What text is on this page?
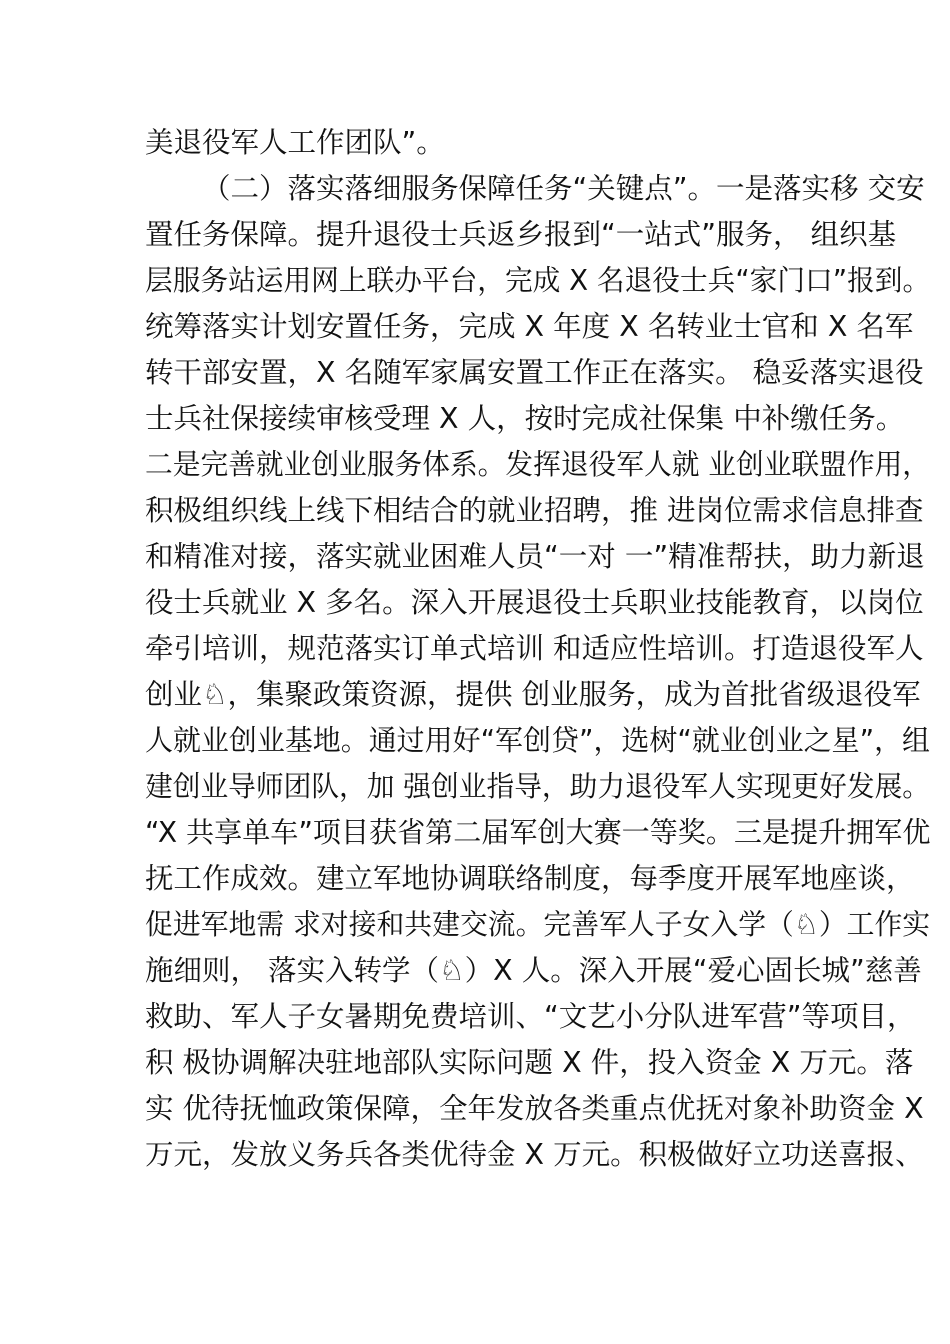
美退役军人工作团队”。
（二）落实落细服务保障任务“关键点”。一是落实移 交安
置任务保障。提升退役士兵返乡报到“一站式”服务， 组织基
层服务站运用网上联办平台，完成 X 名退役士兵“家门口”报到。
统筹落实计划安置任务，完成 X 年度 X 名转业士官和 X 名军
转干部安置，X 名随军家属安置工作正在落实。 稳妥落实退役
士兵社保接续审核受理 X 人，按时完成社保集 中补缴任务。
二是完善就业创业服务体系。发挥退役军人就 业创业联盟作用，
积极组织线上线下相结合的就业招聘，推 进岗位需求信息排查
和精准对接，落实就业困难人员“一对 一”精准帮扶，助力新退
役士兵就业 X 多名。深入开展退役士兵职业技能教育，以岗位
牵引培训，规范落实订单式培训 和适应性培训。打造退役军人
创业♘，集聚政策资源，提供 创业服务，成为首批省级退役军
人就业创业基地。通过用好“军创贷”，选树“就业创业之星”，组
建创业导师团队，加 强创业指导，助力退役军人实现更好发展。
“X 共享单车”项目获省第二届军创大赛一等奖。三是提升拥军优
抚工作成效。建立军地协调联络制度，每季度开展军地座谈，
促进军地需 求对接和共建交流。完善军人子女入学（♘）工作实
施细则， 落实入转学（♘）X 人。深入开展“爱心固长城”慈善
救助、军人子女暑期免费培训、“文艺小分队进军营”等项目，
积 极协调解决驻地部队实际问题 X 件，投入资金 X 万元。落
实 优待抚恤政策保障，全年发放各类重点优抚对象补助资金 X
万元，发放义务兵各类优待金 X 万元。积极做好立功送喜报、
